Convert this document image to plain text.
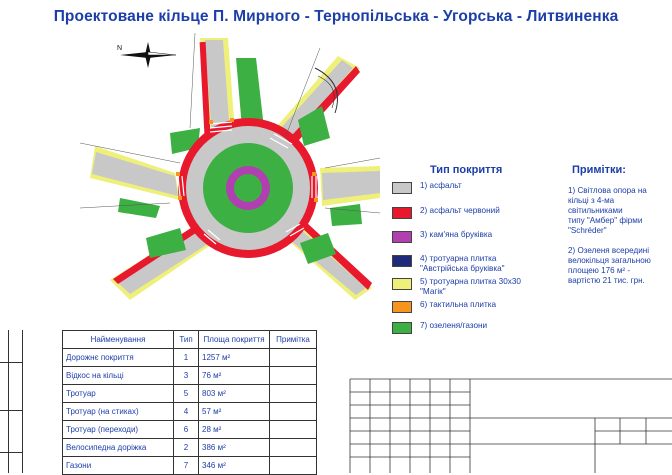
Проектоване кільце П. Мирного - Тернопільська - Угорська - Литвиненка
N
Тип покриття
1) асфальт
2) асфальт червоний
3) кам'яна бруківка
4) тротуарна плитка
"Австрійська бруківка"
5) тротуарна плитка 30х30
"Магік"
6) тактильна плитка
7) озеленя/газони
Примітки:
1) Світлова опора на
кільці з 4-ма
світильниками
типу "Амбер" фірми
"Schréder"
2) Озеленя всередині
велокільця загальною
площею 176 м² -
вартістю 21 тис. грн.
Найменування	Тип	Площа покриття	Примітка
Дорожнє покриття	1	1257 м²	
Відкос на кільці	3	76 м²	
Тротуар	5	803 м²	
Тротуар (на стиках)	4	57 м²	
Тротуар (переходи)	6	28 м²	
Велосипедна доріжка	2	386 м²	
Газони	7	346 м²	
